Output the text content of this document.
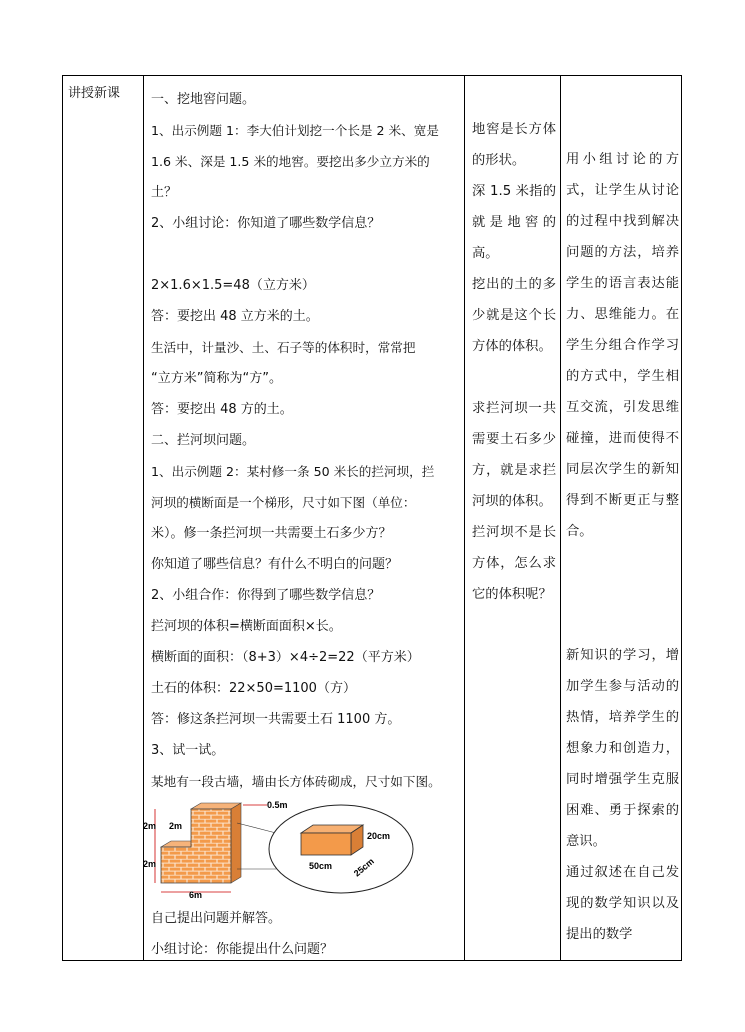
讲授新课	一、挖地窖问题。

1、出示例题 1：李大伯计划挖一个长是 2 米、宽是

1.6 米、深是 1.5 米的地窖。要挖出多少立方米的

土？

2、小组讨论：你知道了哪些数学信息？

2×1.6×1.5=48（立方米）

答：要挖出 48 立方米的土。

生活中，计量沙、土、石子等的体积时，常常把

“立方米”简称为“方”。

答：要挖出 48 方的土。

二、拦河坝问题。

1、出示例题 2：某村修一条 50 米长的拦河坝，拦

河坝的横断面是一个梯形，尺寸如下图（单位：

米）。修一条拦河坝一共需要土石多少方？

你知道了哪些信息？有什么不明白的问题？

2、小组合作：你得到了哪些数学信息？

拦河坝的体积=横断面面积×长。

横断面的面积：（8+3）×4÷2=22（平方米）

土石的体积：22×50=1100（方）

答：修这条拦河坝一共需要土石 1100 方。

3、试一试。

某地有一段古墙，墙由长方体砖砌成，尺寸如下图。

6m
2m
2m
2m
0.5m
20cm
50cm 25cm

自己提出问题并解答。

小组讨论：你能提出什么问题？

地窖是长方体的形状。

深 1.5 米指的就是地窖的高。

挖出的土的多少就是这个长方体的体积。

求拦河坝一共需要土石多少方，就是求拦河坝的体积。

拦河坝不是长方体，怎么求它的体积呢？

用小组讨论的方式，让学生从讨论的过程中找到解决问题的方法，培养学生的语言表达能力、思维能力。在学生分组合作学习的方式中，学生相互交流，引发思维碰撞，进而使得不同层次学生的新知得到不断更正与整合。

新知识的学习，增加学生参与活动的热情，培养学生的想象力和创造力，同时增强学生克服困难、勇于探索的意识。

通过叙述在自己发现的数学知识以及提出的数学
